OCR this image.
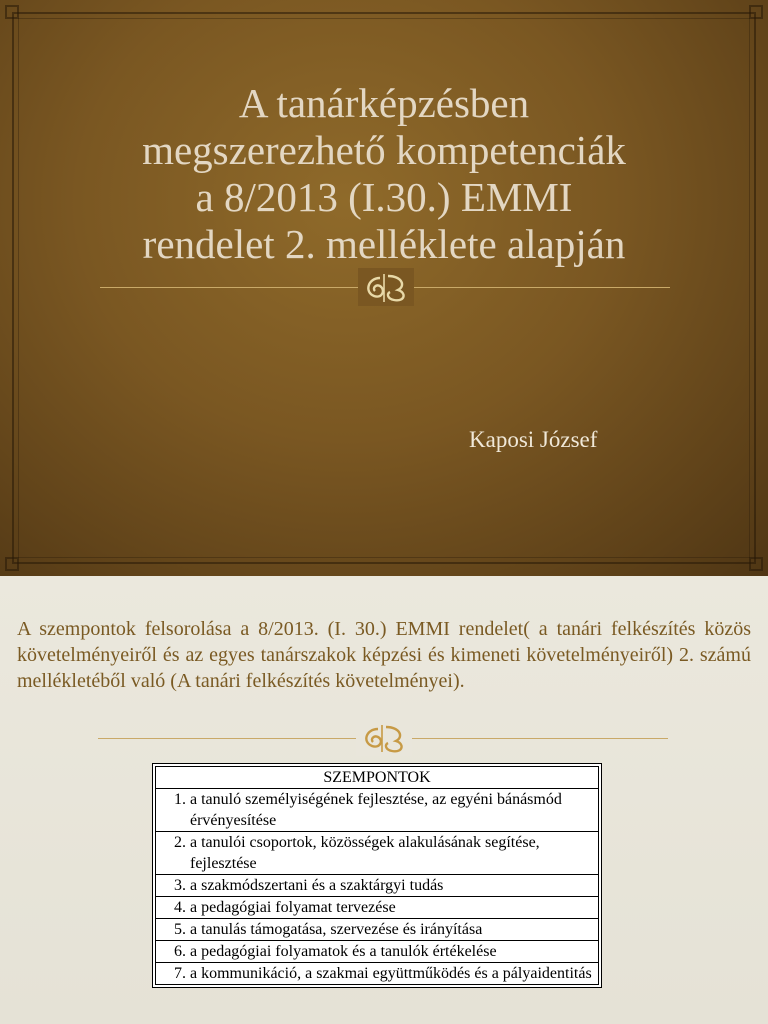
A tanárképzésben
megszerezhető kompetenciák
a 8/2013 (I.30.) EMMI
rendelet 2. melléklete alapján
Kaposi József

A szempontok felsorolása a 8/2013. (I. 30.) EMMI rendelet( a tanári felkészítés közös követelményeiről és az egyes tanárszakok képzési és kimeneti követelményeiről) 2. számú mellékletéből való (A tanári felkészítés követelményei).

SZEMPONTOK
1. a tanuló személyiségének fejlesztése, az egyéni bánásmód érvényesítése
2. a tanulói csoportok, közösségek alakulásának segítése, fejlesztése
3. a szakmódszertani és a szaktárgyi tudás
4. a pedagógiai folyamat tervezése
5. a tanulás támogatása, szervezése és irányítása
6. a pedagógiai folyamatok és a tanulók értékelése
7. a kommunikáció, a szakmai együttműködés és a pályaidentitás
